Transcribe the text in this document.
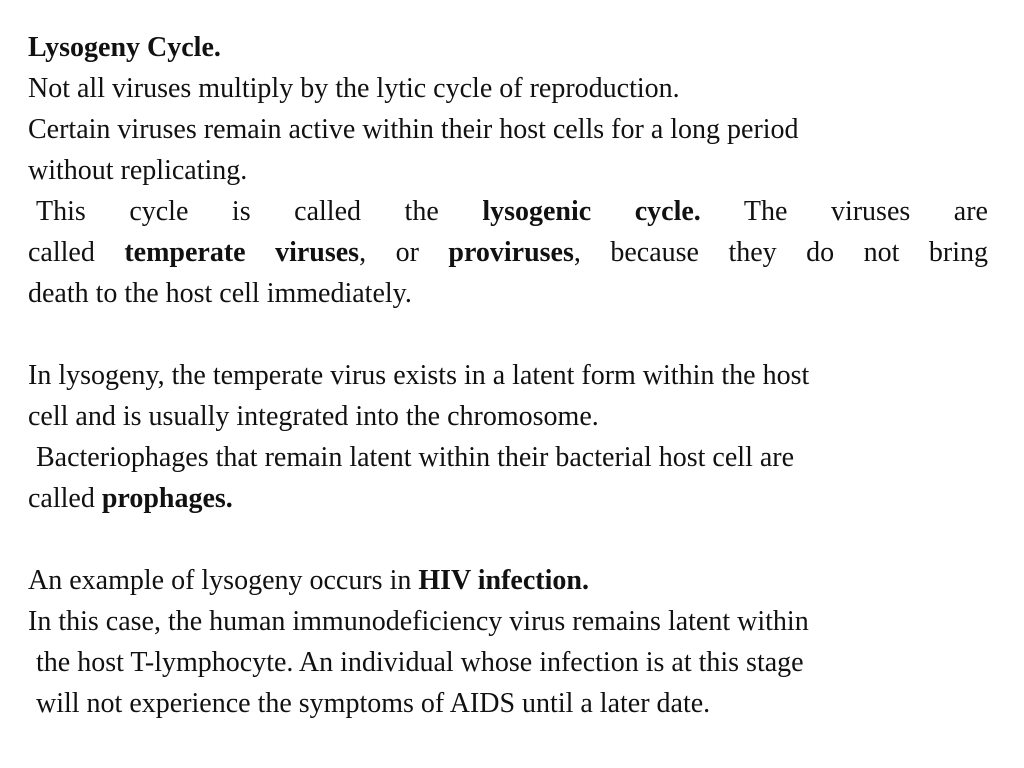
Lysogeny Cycle.
Not all viruses multiply by the lytic cycle of reproduction.
Certain viruses remain active within their host cells for a long period
without replicating.
This cycle is called the lysogenic cycle. The viruses are
called temperate viruses, or proviruses, because they do not bring
death to the host cell immediately.
In lysogeny, the temperate virus exists in a latent form within the host
cell and is usually integrated into the chromosome.
Bacteriophages that remain latent within their bacterial host cell are
called prophages.
An example of lysogeny occurs in HIV infection.
In this case, the human immunodeficiency virus remains latent within
the host T-lymphocyte. An individual whose infection is at this stage
will not experience the symptoms of AIDS until a later date.
